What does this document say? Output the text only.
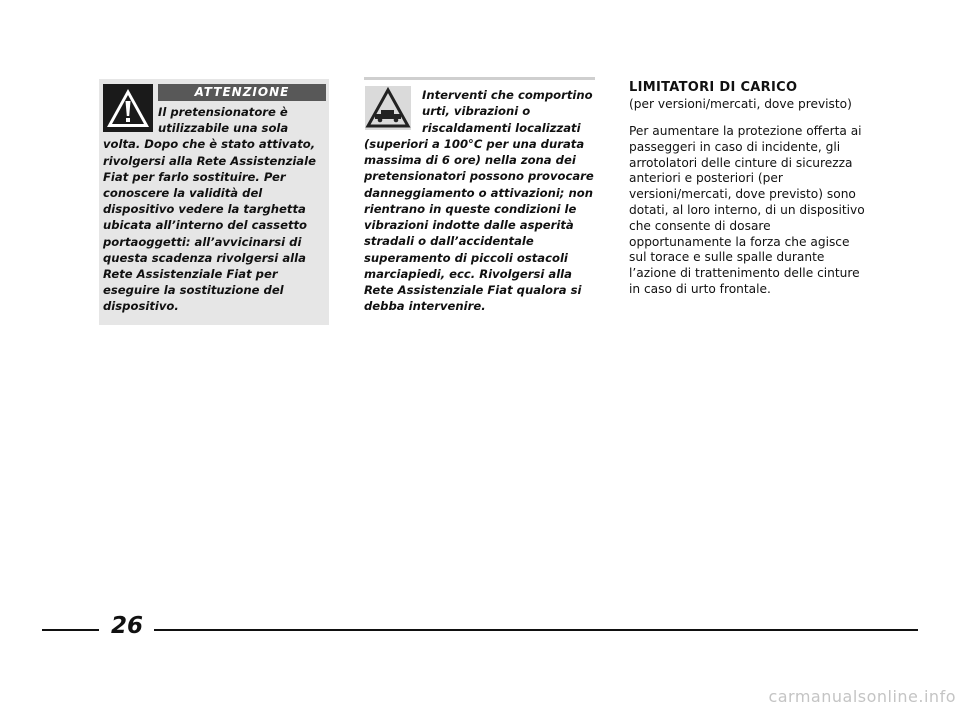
ATTENZIONE

Il pretensionatore è utilizzabile una sola volta. Dopo che è stato attivato, rivolgersi alla Rete Assistenziale Fiat per farlo sostituire. Per conoscere la validità del dispositivo vedere la targhetta ubicata all’interno del cassetto portaoggetti: all’avvicinarsi di questa scadenza rivolgersi alla Rete Assistenziale Fiat per eseguire la sostituzione del dispositivo.

Interventi che comportino urti, vibrazioni o riscaldamenti localizzati (superiori a 100°C per una durata massima di 6 ore) nella zona dei pretensionatori possono provocare danneggiamento o attivazioni; non rientrano in queste condizioni le vibrazioni indotte dalle asperità stradali o dall’accidentale superamento di piccoli ostacoli marciapiedi, ecc. Rivolgersi alla Rete Assistenziale Fiat qualora si debba intervenire.

LIMITATORI DI CARICO

(per versioni/mercati, dove previsto)

Per aumentare la protezione offerta ai passeggeri in caso di incidente, gli arrotolatori delle cinture di sicurezza anteriori e posteriori (per versioni/mercati, dove previsto) sono dotati, al loro interno, di un dispositivo che consente di dosare opportunamente la forza che agisce sul torace e sulle spalle durante l’azione di trattenimento delle cinture in caso di urto frontale.

26
carmanualsonline.info
